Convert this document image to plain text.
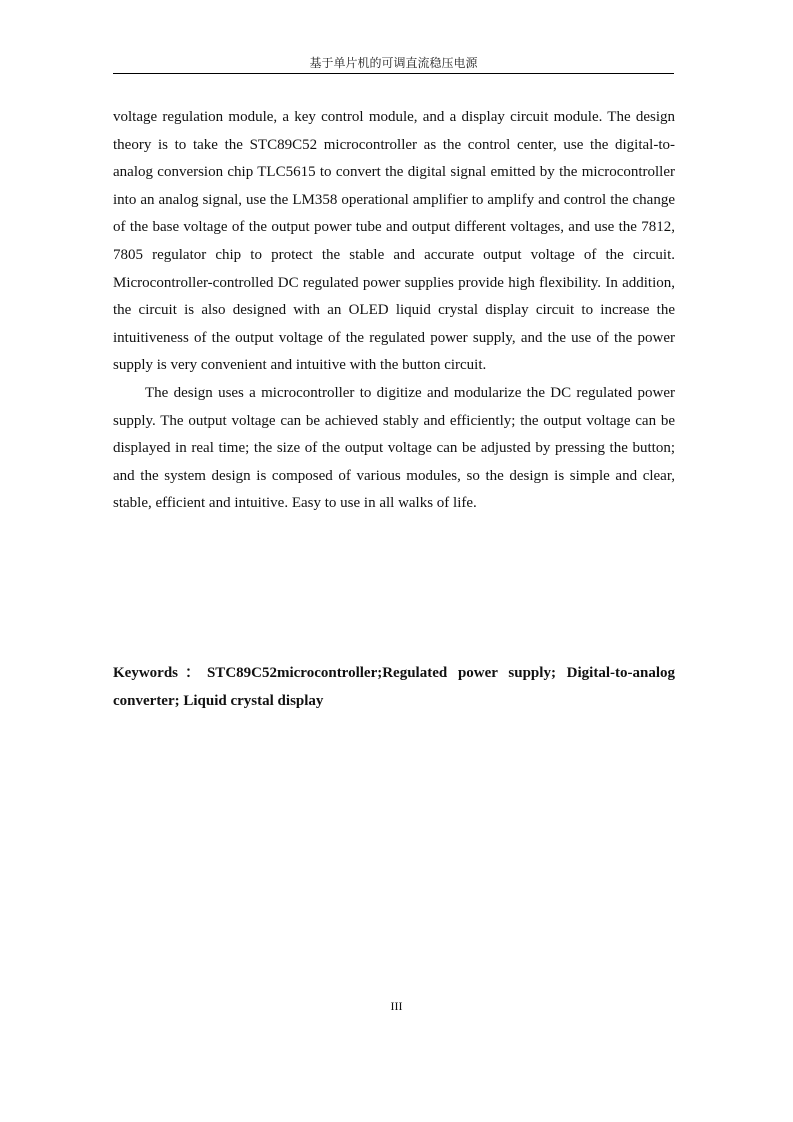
基于单片机的可调直流稳压电源

voltage regulation module, a key control module, and a display circuit module. The design theory is to take the STC89C52 microcontroller as the control center, use the digital-to-analog conversion chip TLC5615 to convert the digital signal emitted by the microcontroller into an analog signal, use the LM358 operational amplifier to amplify and control the change of the base voltage of the output power tube and output different voltages, and use the 7812, 7805 regulator chip to protect the stable and accurate output voltage of the circuit. Microcontroller-controlled DC regulated power supplies provide high flexibility. In addition, the circuit is also designed with an OLED liquid crystal display circuit to increase the intuitiveness of the output voltage of the regulated power supply, and the use of the power supply is very convenient and intuitive with the button circuit.

The design uses a microcontroller to digitize and modularize the DC regulated power supply. The output voltage can be achieved stably and efficiently; the output voltage can be displayed in real time; the size of the output voltage can be adjusted by pressing the button; and the system design is composed of various modules, so the design is simple and clear, stable, efficient and intuitive. Easy to use in all walks of life.

Keywords：STC89C52microcontroller;Regulated power supply; Digital-to-analog converter; Liquid crystal display
III
